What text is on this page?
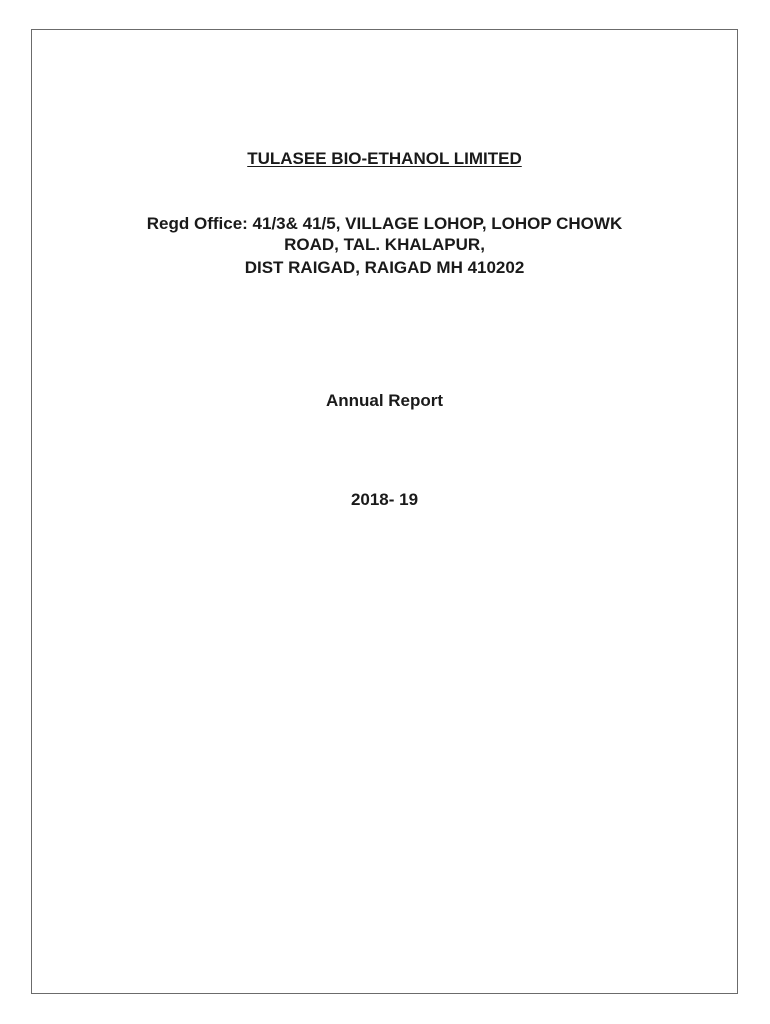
TULASEE BIO-ETHANOL LIMITED
Regd Office: 41/3& 41/5, VILLAGE LOHOP, LOHOP CHOWK
ROAD, TAL. KHALAPUR,
DIST RAIGAD, RAIGAD MH 410202
Annual Report
2018- 19
